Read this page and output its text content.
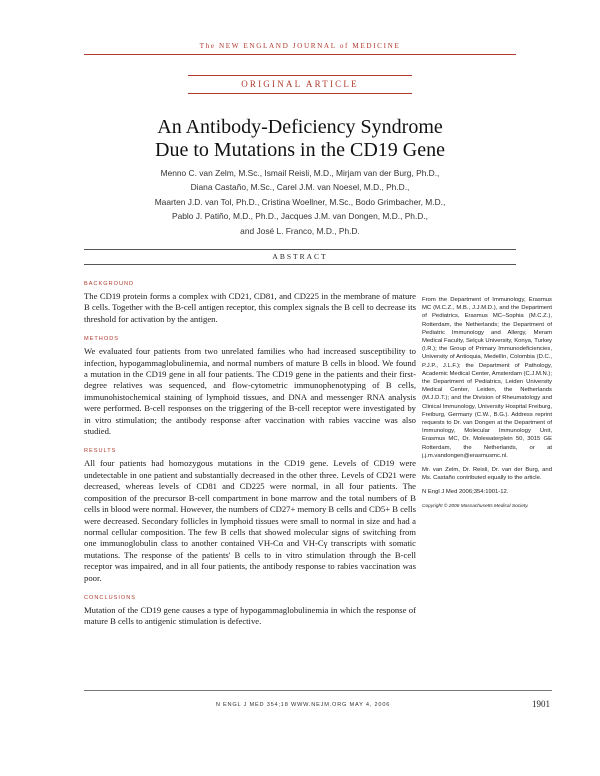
The NEW ENGLAND JOURNAL of MEDICINE
ORIGINAL ARTICLE
An Antibody-Deficiency Syndrome
Due to Mutations in the CD19 Gene
Menno C. van Zelm, M.Sc., Ismail Reisli, M.D., Mirjam van der Burg, Ph.D.,
Diana Castaño, M.Sc., Carel J.M. van Noesel, M.D., Ph.D.,
Maarten J.D. van Tol, Ph.D., Cristina Woellner, M.Sc., Bodo Grimbacher, M.D.,
Pablo J. Patiño, M.D., Ph.D., Jacques J.M. van Dongen, M.D., Ph.D.,
and José L. Franco, M.D., Ph.D.
ABSTRACT
BACKGROUND

The CD19 protein forms a complex with CD21, CD81, and CD225 in the membrane of mature B cells. Together with the B-cell antigen receptor, this complex signals the B cell to decrease its threshold for activation by the antigen.

METHODS

We evaluated four patients from two unrelated families who had increased susceptibility to infection, hypogammaglobulinemia, and normal numbers of mature B cells in blood. We found a mutation in the CD19 gene in all four patients. The CD19 gene in the patients and their first-degree relatives was sequenced, and flow-cytometric immunophenotyping of B cells, immunohistochemical staining of lymphoid tissues, and DNA and messenger RNA analysis were performed. B-cell responses on the triggering of the B-cell receptor were investigated by in vitro stimulation; the antibody response after vaccination with rabies vaccine was also studied.

RESULTS

All four patients had homozygous mutations in the CD19 gene. Levels of CD19 were undetectable in one patient and substantially decreased in the other three. Levels of CD21 were decreased, whereas levels of CD81 and CD225 were normal, in all four patients. The composition of the precursor B-cell compartment in bone marrow and the total numbers of B cells in blood were normal. However, the numbers of CD27+ memory B cells and CD5+ B cells were decreased. Secondary follicles in lymphoid tissues were small to normal in size and had a normal cellular composition. The few B cells that showed molecular signs of switching from one immunoglobulin class to another contained VH-Cα and VH-Cγ transcripts with somatic mutations. The response of the patients' B cells to in vitro stimulation through the B-cell receptor was impaired, and in all four patients, the antibody response to rabies vaccination was poor.

CONCLUSIONS

Mutation of the CD19 gene causes a type of hypogammaglobulinemia in which the response of mature B cells to antigenic stimulation is defective.

From the Department of Immunology, Erasmus MC (M.C.Z., M.B., J.J.M.D.), and the Department of Pediatrics, Erasmus MC–Sophia (M.C.Z.), Rotterdam, the Netherlands; the Department of Pediatric Immunology and Allergy, Meram Medical Faculty, Selçuk University, Konya, Turkey (I.R.); the Group of Primary Immunodeficiencies, University of Antioquia, Medellín, Colombia (D.C., P.J.P., J.L.F.); the Department of Pathology, Academic Medical Center, Amsterdam (C.J.M.N.); the Department of Pediatrics, Leiden University Medical Center, Leiden, the Netherlands (M.J.D.T.); and the Division of Rheumatology and Clinical Immunology, University Hospital Freiburg, Freiburg, Germany (C.W., B.G.). Address reprint requests to Dr. van Dongen at the Department of Immunology, Molecular Immunology Unit, Erasmus MC, Dr. Molewaterplein 50, 3015 GE Rotterdam, the Netherlands, or at j.j.m.vandongen@erasmusmc.nl.

Mr. van Zelm, Dr. Reisli, Dr. van der Burg, and Ms. Castaño contributed equally to the article.

N Engl J Med 2006;354:1901-12.

Copyright © 2006 Massachusetts Medical Society.

N ENGL J MED 354;18 WWW.NEJM.ORG MAY 4, 2006	1901
